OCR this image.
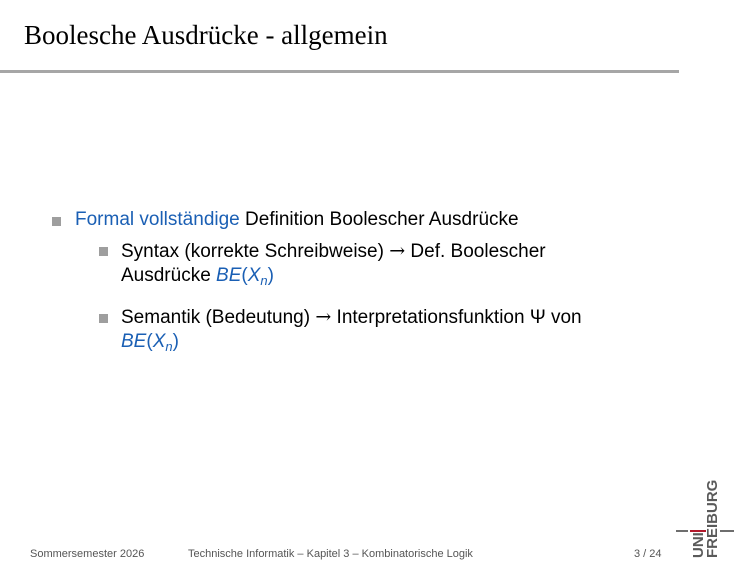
Boolesche Ausdrücke - allgemein
Formal vollständige Definition Boolescher Ausdrücke
Syntax (korrekte Schreibweise) → Def. Boolescher
Ausdrücke $BE(X_n)$
Semantik (Bedeutung) → Interpretationsfunktion Ψ von
$BE(X_n)$
Sommersemester 2026	Technische Informatik – Kapitel 3 – Kombinatorische Logik	3 / 24 UNI
FREIBURG
